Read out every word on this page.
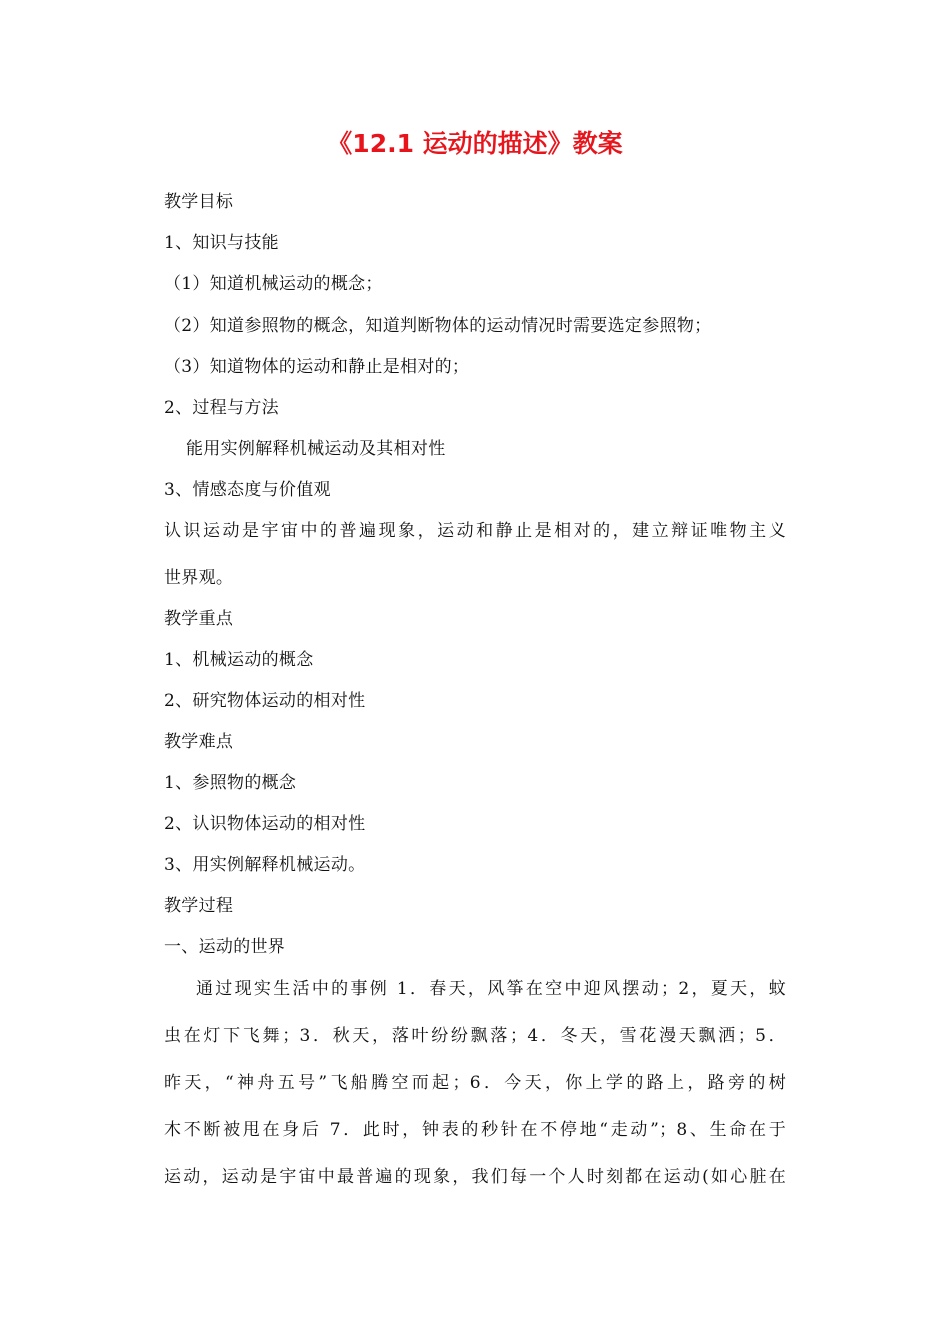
《12.1 运动的描述》教案
教学目标
1、知识与技能
（1）知道机械运动的概念；
（2）知道参照物的概念，知道判断物体的运动情况时需要选定参照物；
（3）知道物体的运动和静止是相对的；
2、过程与方法
能用实例解释机械运动及其相对性
3、情感态度与价值观
认识运动是宇宙中的普遍现象，运动和静止是相对的，建立辩证唯物主义
世界观。
教学重点
1、机械运动的概念
2、研究物体运动的相对性
教学难点
1、参照物的概念
2、认识物体运动的相对性
3、用实例解释机械运动。
教学过程
一、运动的世界
通过现实生活中的事例 1．春天，风筝在空中迎风摆动；2，夏天，蚊
虫在灯下飞舞；3．秋天，落叶纷纷飘落；4．冬天，雪花漫天飘洒；5．
昨天，“神舟五号”飞船腾空而起；6．今天，你上学的路上，路旁的树
木不断被甩在身后 7．此时，钟表的秒针在不停地“走动”；8、生命在于
运动，运动是宇宙中最普遍的现象，我们每一个人时刻都在运动(如心脏在
